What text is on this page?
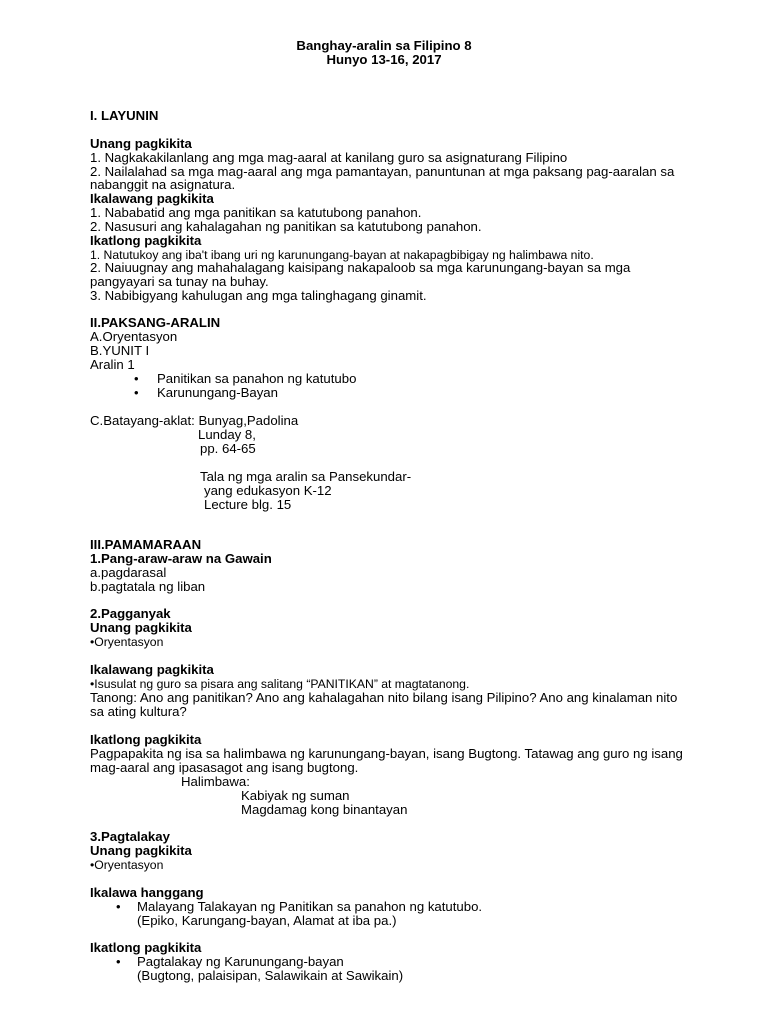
Banghay-aralin sa Filipino 8
Hunyo 13-16, 2017
I. LAYUNIN
Unang pagkikita
1. Nagkakakilanlang ang mga mag-aaral at kanilang guro sa asignaturang Filipino
2. Nailalahad sa mga mag-aaral ang mga pamantayan, panuntunan at mga paksang pag-aaralan sa
nabanggit na asignatura.
Ikalawang pagkikita
1. Nababatid ang mga panitikan sa katutubong panahon.
2. Nasusuri ang kahalagahan ng panitikan sa katutubong panahon.
Ikatlong pagkikita
1. Natutukoy ang iba't ibang uri ng karunungang-bayan at nakapagbibigay ng halimbawa nito.
2. Naiuugnay ang mahahalagang kaisipang nakapaloob sa mga karunungang-bayan sa mga
pangyayari sa tunay na buhay.
3. Nabibigyang kahulugan ang mga talinghagang ginamit.
II.PAKSANG-ARALIN
A.Oryentasyon
B.YUNIT I
Aralin 1
• Panitikan sa panahon ng katutubo
• Karunungang-Bayan
C.Batayang-aklat: Bunyag,Padolina
Lunday 8,
pp. 64-65
Tala ng mga aralin sa Pansekundar-
yang edukasyon K-12
Lecture blg. 15
III.PAMAMARAAN
1.Pang-araw-araw na Gawain
a.pagdarasal
b.pagtatala ng liban
2.Pagganyak
Unang pagkikita
•Oryentasyon
Ikalawang pagkikita
•Isusulat ng guro sa pisara ang salitang “PANITIKAN” at magtatanong.
Tanong: Ano ang panitikan? Ano ang kahalagahan nito bilang isang Pilipino? Ano ang kinalaman nito
sa ating kultura?
Ikatlong pagkikita
Pagpapakita ng isa sa halimbawa ng karunungang-bayan, isang Bugtong. Tatawag ang guro ng isang
mag-aaral ang ipasasagot ang isang bugtong.
Halimbawa:
Kabiyak ng suman
Magdamag kong binantayan
3.Pagtalakay
Unang pagkikita
•Oryentasyon
Ikalawa hanggang
• Malayang Talakayan ng Panitikan sa panahon ng katutubo.
(Epiko, Karungang-bayan, Alamat at iba pa.)
Ikatlong pagkikita
• Pagtalakay ng Karunungang-bayan
(Bugtong, palaisipan, Salawikain at Sawikain)
